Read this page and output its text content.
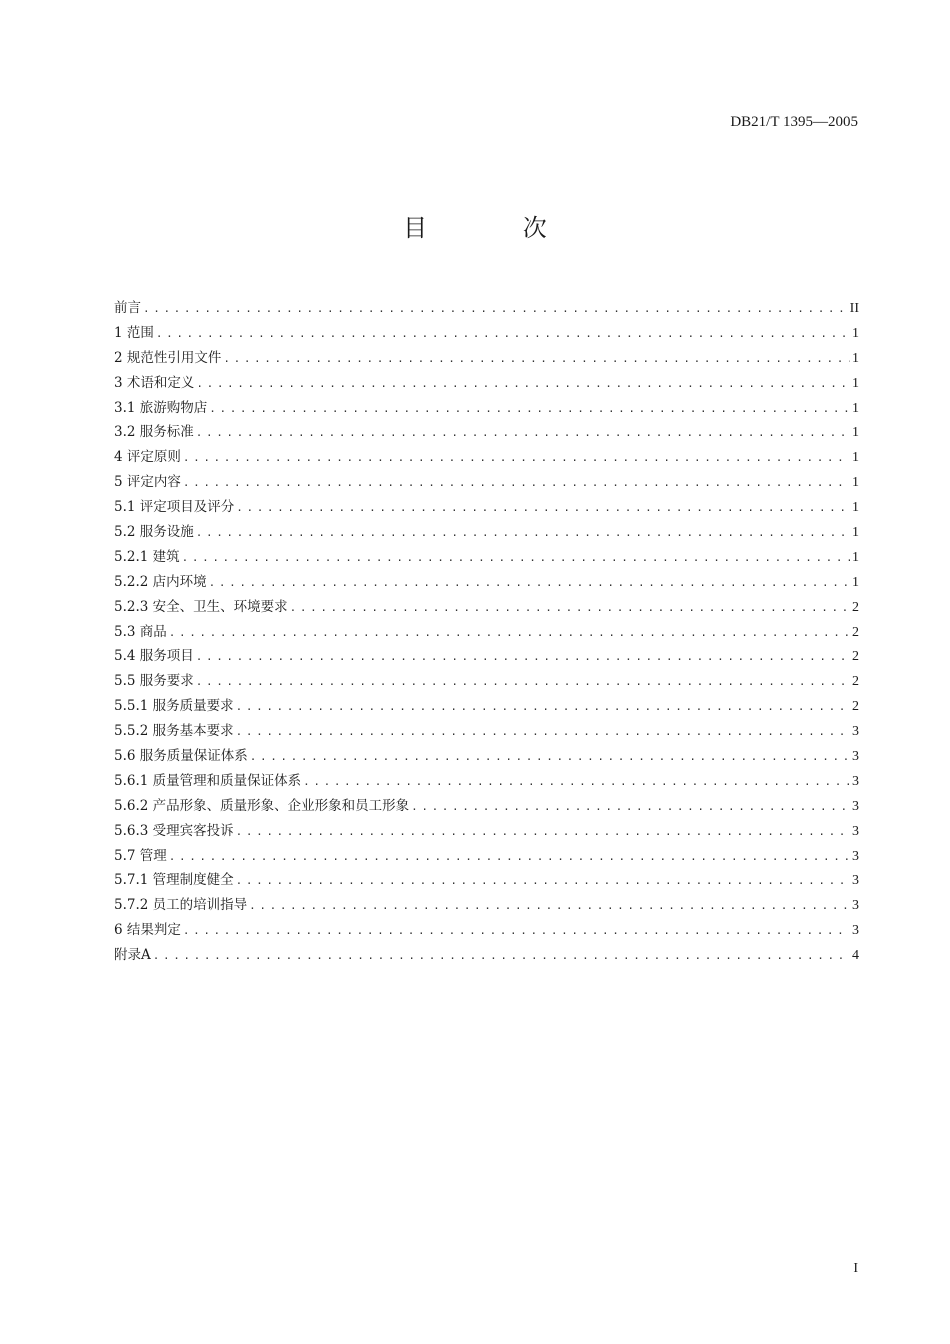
DB21/T 1395—2005
目 次
前言 .....	II
1 范围 .....	1
2 规范性引用文件 .....	1
3 术语和定义 .....	1
3.1 旅游购物店 .....	1
3.2 服务标准 .....	1
4 评定原则 .....	1
5 评定内容 .....	1
5.1 评定项目及评分 .....	1
5.2 服务设施 .....	1
5.2.1 建筑 .....	1
5.2.2 店内环境 .....	1
5.2.3 安全、卫生、环境要求 .....	2
5.3 商品 .....	2
5.4 服务项目 .....	2
5.5 服务要求 .....	2
5.5.1 服务质量要求 .....	2
5.5.2 服务基本要求 .....	3
5.6 服务质量保证体系 .....	3
5.6.1 质量管理和质量保证体系 .....	3
5.6.2 产品形象、质量形象、企业形象和员工形象 .....	3
5.6.3 受理宾客投诉 .....	3
5.7 管理 .....	3
5.7.1 管理制度健全 .....	3
5.7.2 员工的培训指导 .....	3
6 结果判定 .....	3
附录A .....	4
I
